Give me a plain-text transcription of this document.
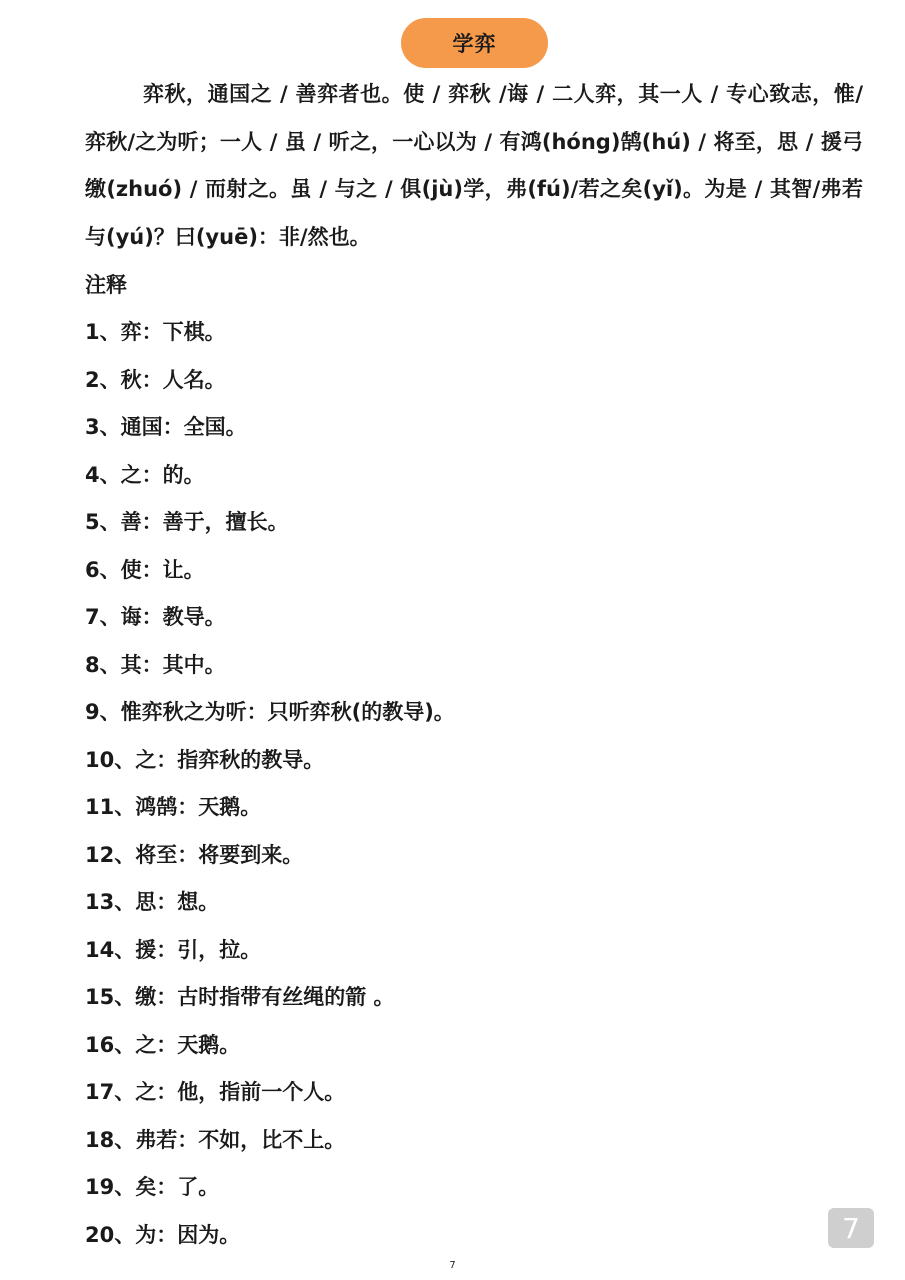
学弈

弈秋，通国之 / 善弈者也。使 / 弈秋 /诲 / 二人弈，其一人 / 专心致志，惟/弈秋/之为听；一人 / 虽 / 听之，一心以为 / 有鸿(hóng)鹄(hú) / 将至，思 / 援弓缴(zhuó) / 而射之。虽 / 与之 / 俱(jù)学，弗(fú)/若之矣(yǐ)。为是 / 其智/弗若与(yú)？曰(yuē)：非/然也。

注释

1、弈：下棋。
2、秋：人名。
3、通国：全国。
4、之：的。
5、善：善于，擅长。
6、使：让。
7、诲：教导。
8、其：其中。
9、惟弈秋之为听：只听弈秋(的教导)。
10、之：指弈秋的教导。
11、鸿鹄：天鹅。
12、将至：将要到来。
13、思：想。
14、援：引，拉。
15、缴：古时指带有丝绳的箭 。
16、之：天鹅。
17、之：他，指前一个人。
18、弗若：不如，比不上。
19、矣：了。
20、为：因为。	7
7
